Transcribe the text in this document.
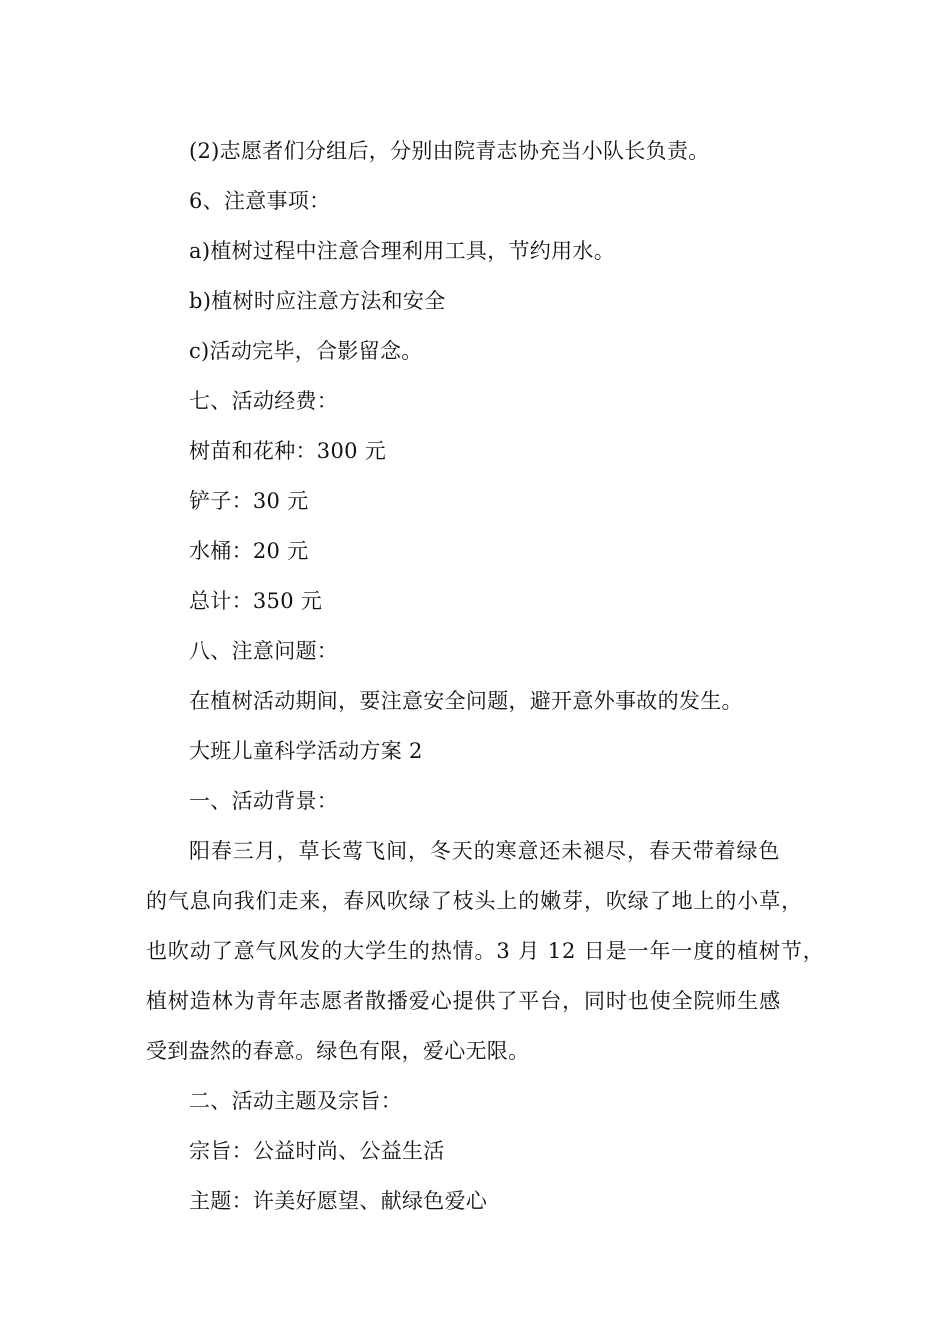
(2)志愿者们分组后，分别由院青志协充当小队长负责。
6、注意事项：
a)植树过程中注意合理利用工具，节约用水。
b)植树时应注意方法和安全
c)活动完毕，合影留念。
七、活动经费：
树苗和花种：300 元
铲子：30 元
水桶：20 元
总计：350 元
八、注意问题：
在植树活动期间，要注意安全问题，避开意外事故的发生。
大班儿童科学活动方案 2
一、活动背景：
阳春三月，草长莺飞间，冬天的寒意还未褪尽，春天带着绿色
的气息向我们走来，春风吹绿了枝头上的嫩芽，吹绿了地上的小草，
也吹动了意气风发的大学生的热情。3 月 12 日是一年一度的植树节，
植树造林为青年志愿者散播爱心提供了平台，同时也使全院师生感
受到盎然的春意。绿色有限，爱心无限。
二、活动主题及宗旨：
宗旨：公益时尚、公益生活
主题：许美好愿望、献绿色爱心
